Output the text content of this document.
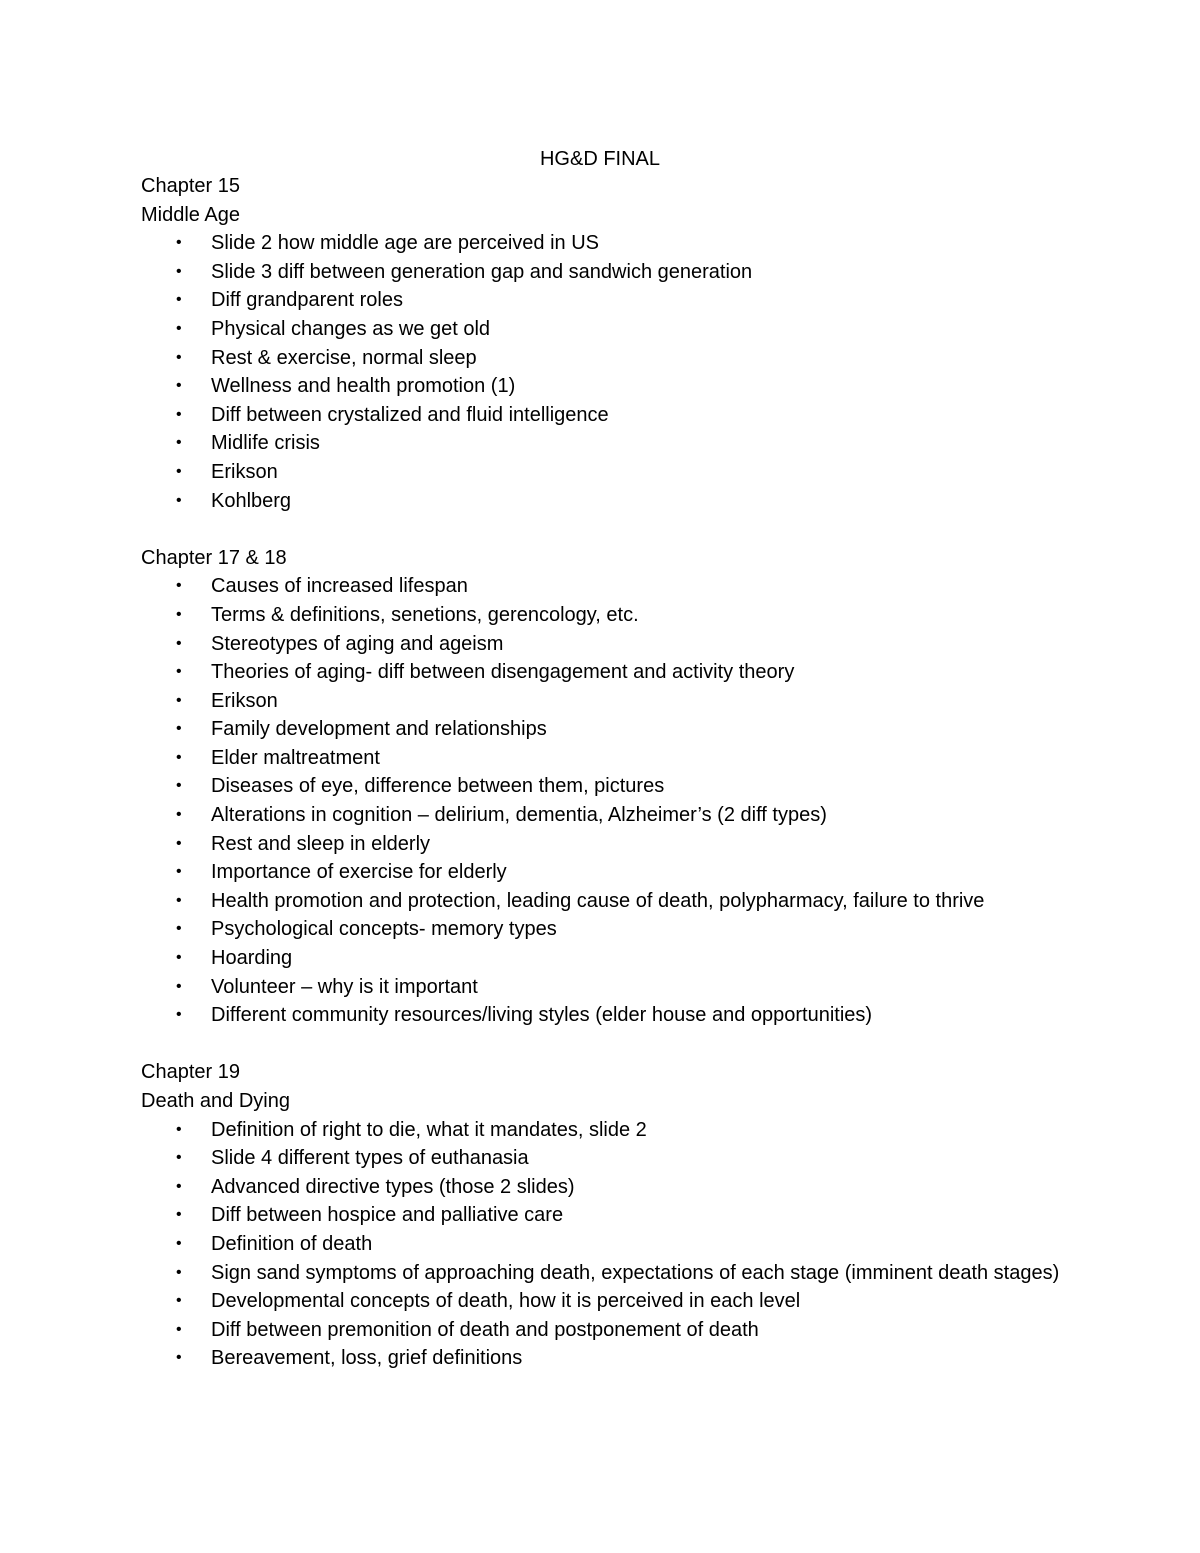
HG&D FINAL
Chapter 15
Middle Age
• Slide 2 how middle age are perceived in US
• Slide 3 diff between generation gap and sandwich generation
• Diff grandparent roles
• Physical changes as we get old
• Rest & exercise, normal sleep
• Wellness and health promotion (1)
• Diff between crystalized and fluid intelligence
• Midlife crisis
• Erikson
• Kohlberg
Chapter 17 & 18
• Causes of increased lifespan
• Terms & definitions, senetions, gerencology, etc.
• Stereotypes of aging and ageism
• Theories of aging- diff between disengagement and activity theory
• Erikson
• Family development and relationships
• Elder maltreatment
• Diseases of eye, difference between them, pictures
• Alterations in cognition – delirium, dementia, Alzheimer’s (2 diff types)
• Rest and sleep in elderly
• Importance of exercise for elderly
• Health promotion and protection, leading cause of death, polypharmacy, failure to thrive
• Psychological concepts- memory types
• Hoarding
• Volunteer – why is it important
• Different community resources/living styles (elder house and opportunities)
Chapter 19
Death and Dying
• Definition of right to die, what it mandates, slide 2
• Slide 4 different types of euthanasia
• Advanced directive types (those 2 slides)
• Diff between hospice and palliative care
• Definition of death
• Sign sand symptoms of approaching death, expectations of each stage (imminent death stages)
• Developmental concepts of death, how it is perceived in each level
• Diff between premonition of death and postponement of death
• Bereavement, loss, grief definitions
